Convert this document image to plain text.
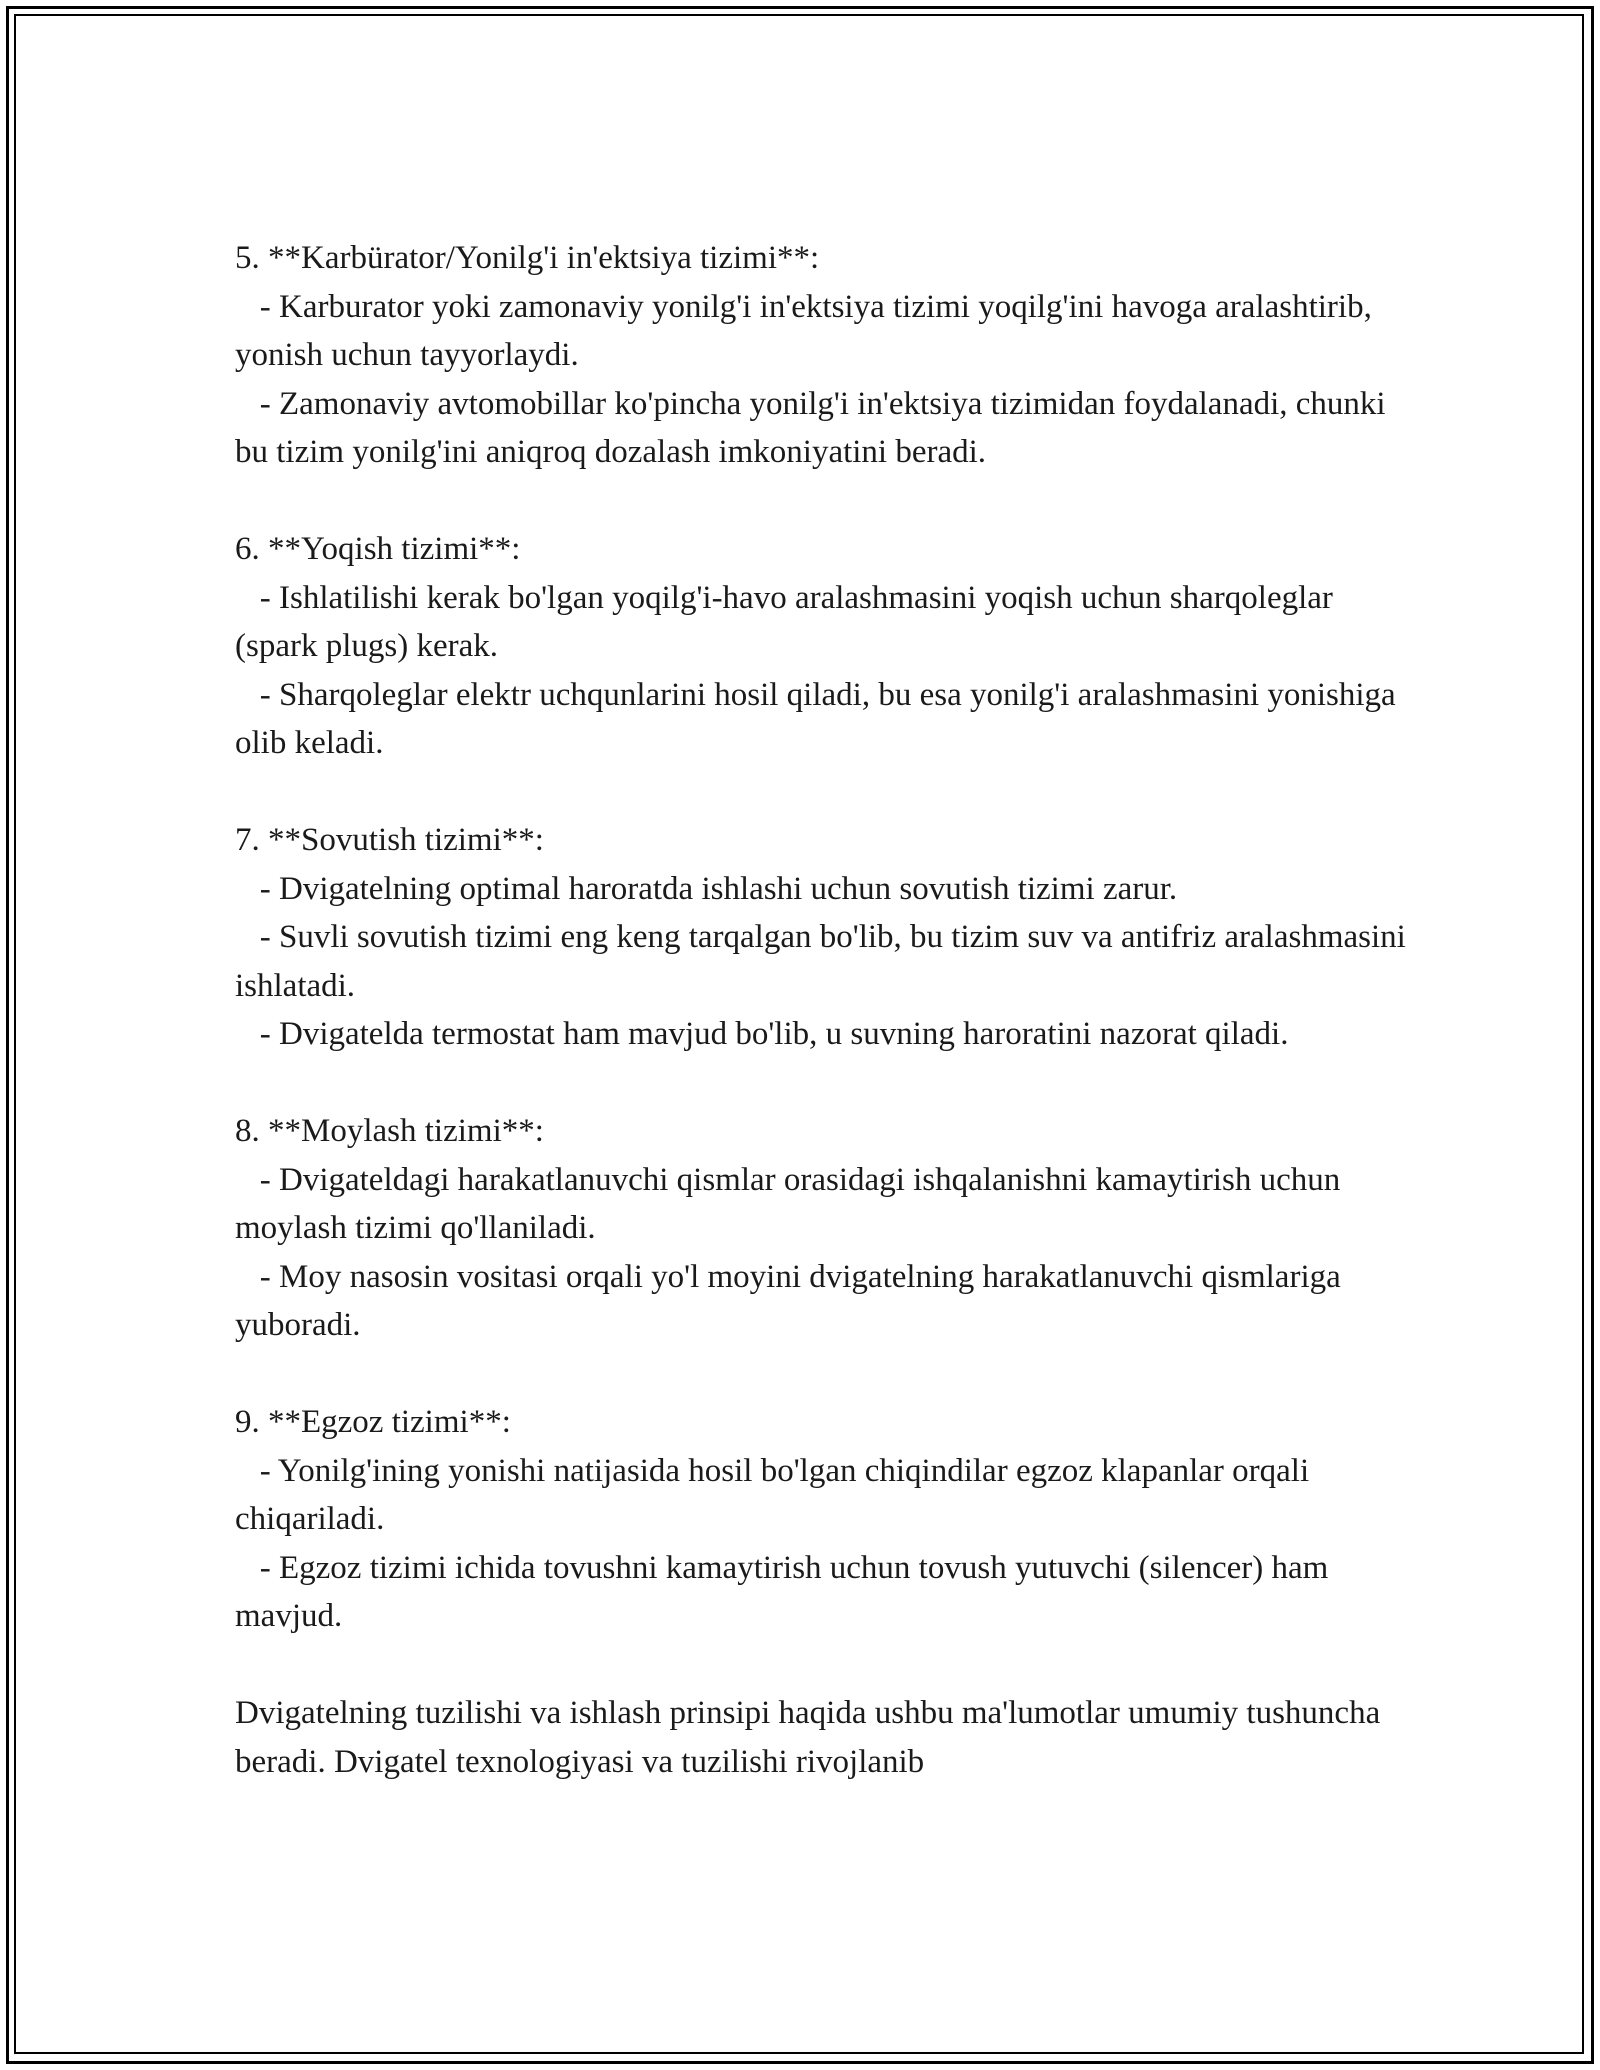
5. **Karbürator/Yonilg'i in'ektsiya tizimi**:

- Karburator yoki zamonaviy yonilg'i in'ektsiya tizimi yoqilg'ini havoga aralashtirib, yonish uchun tayyorlaydi.

- Zamonaviy avtomobillar ko'pincha yonilg'i in'ektsiya tizimidan foydalanadi, chunki bu tizim yonilg'ini aniqroq dozalash imkoniyatini beradi.

6. **Yoqish tizimi**:

- Ishlatilishi kerak bo'lgan yoqilg'i-havo aralashmasini yoqish uchun sharqoleglar (spark plugs) kerak.

- Sharqoleglar elektr uchqunlarini hosil qiladi, bu esa yonilg'i aralashmasini yonishiga olib keladi.

7. **Sovutish tizimi**:

- Dvigatelning optimal haroratda ishlashi uchun sovutish tizimi zarur.

- Suvli sovutish tizimi eng keng tarqalgan bo'lib, bu tizim suv va antifriz aralashmasini ishlatadi.

- Dvigatelda termostat ham mavjud bo'lib, u suvning haroratini nazorat qiladi.

8. **Moylash tizimi**:

- Dvigateldagi harakatlanuvchi qismlar orasidagi ishqalanishni kamaytirish uchun moylash tizimi qo'llaniladi.

- Moy nasosin vositasi orqali yo'l moyini dvigatelning harakatlanuvchi qismlariga yuboradi.

9. **Egzoz tizimi**:

- Yonilg'ining yonishi natijasida hosil bo'lgan chiqindilar egzoz klapanlar orqali chiqariladi.

- Egzoz tizimi ichida tovushni kamaytirish uchun tovush yutuvchi (silencer) ham mavjud.

Dvigatelning tuzilishi va ishlash prinsipi haqida ushbu ma'lumotlar umumiy tushuncha beradi. Dvigatel texnologiyasi va tuzilishi rivojlanib
